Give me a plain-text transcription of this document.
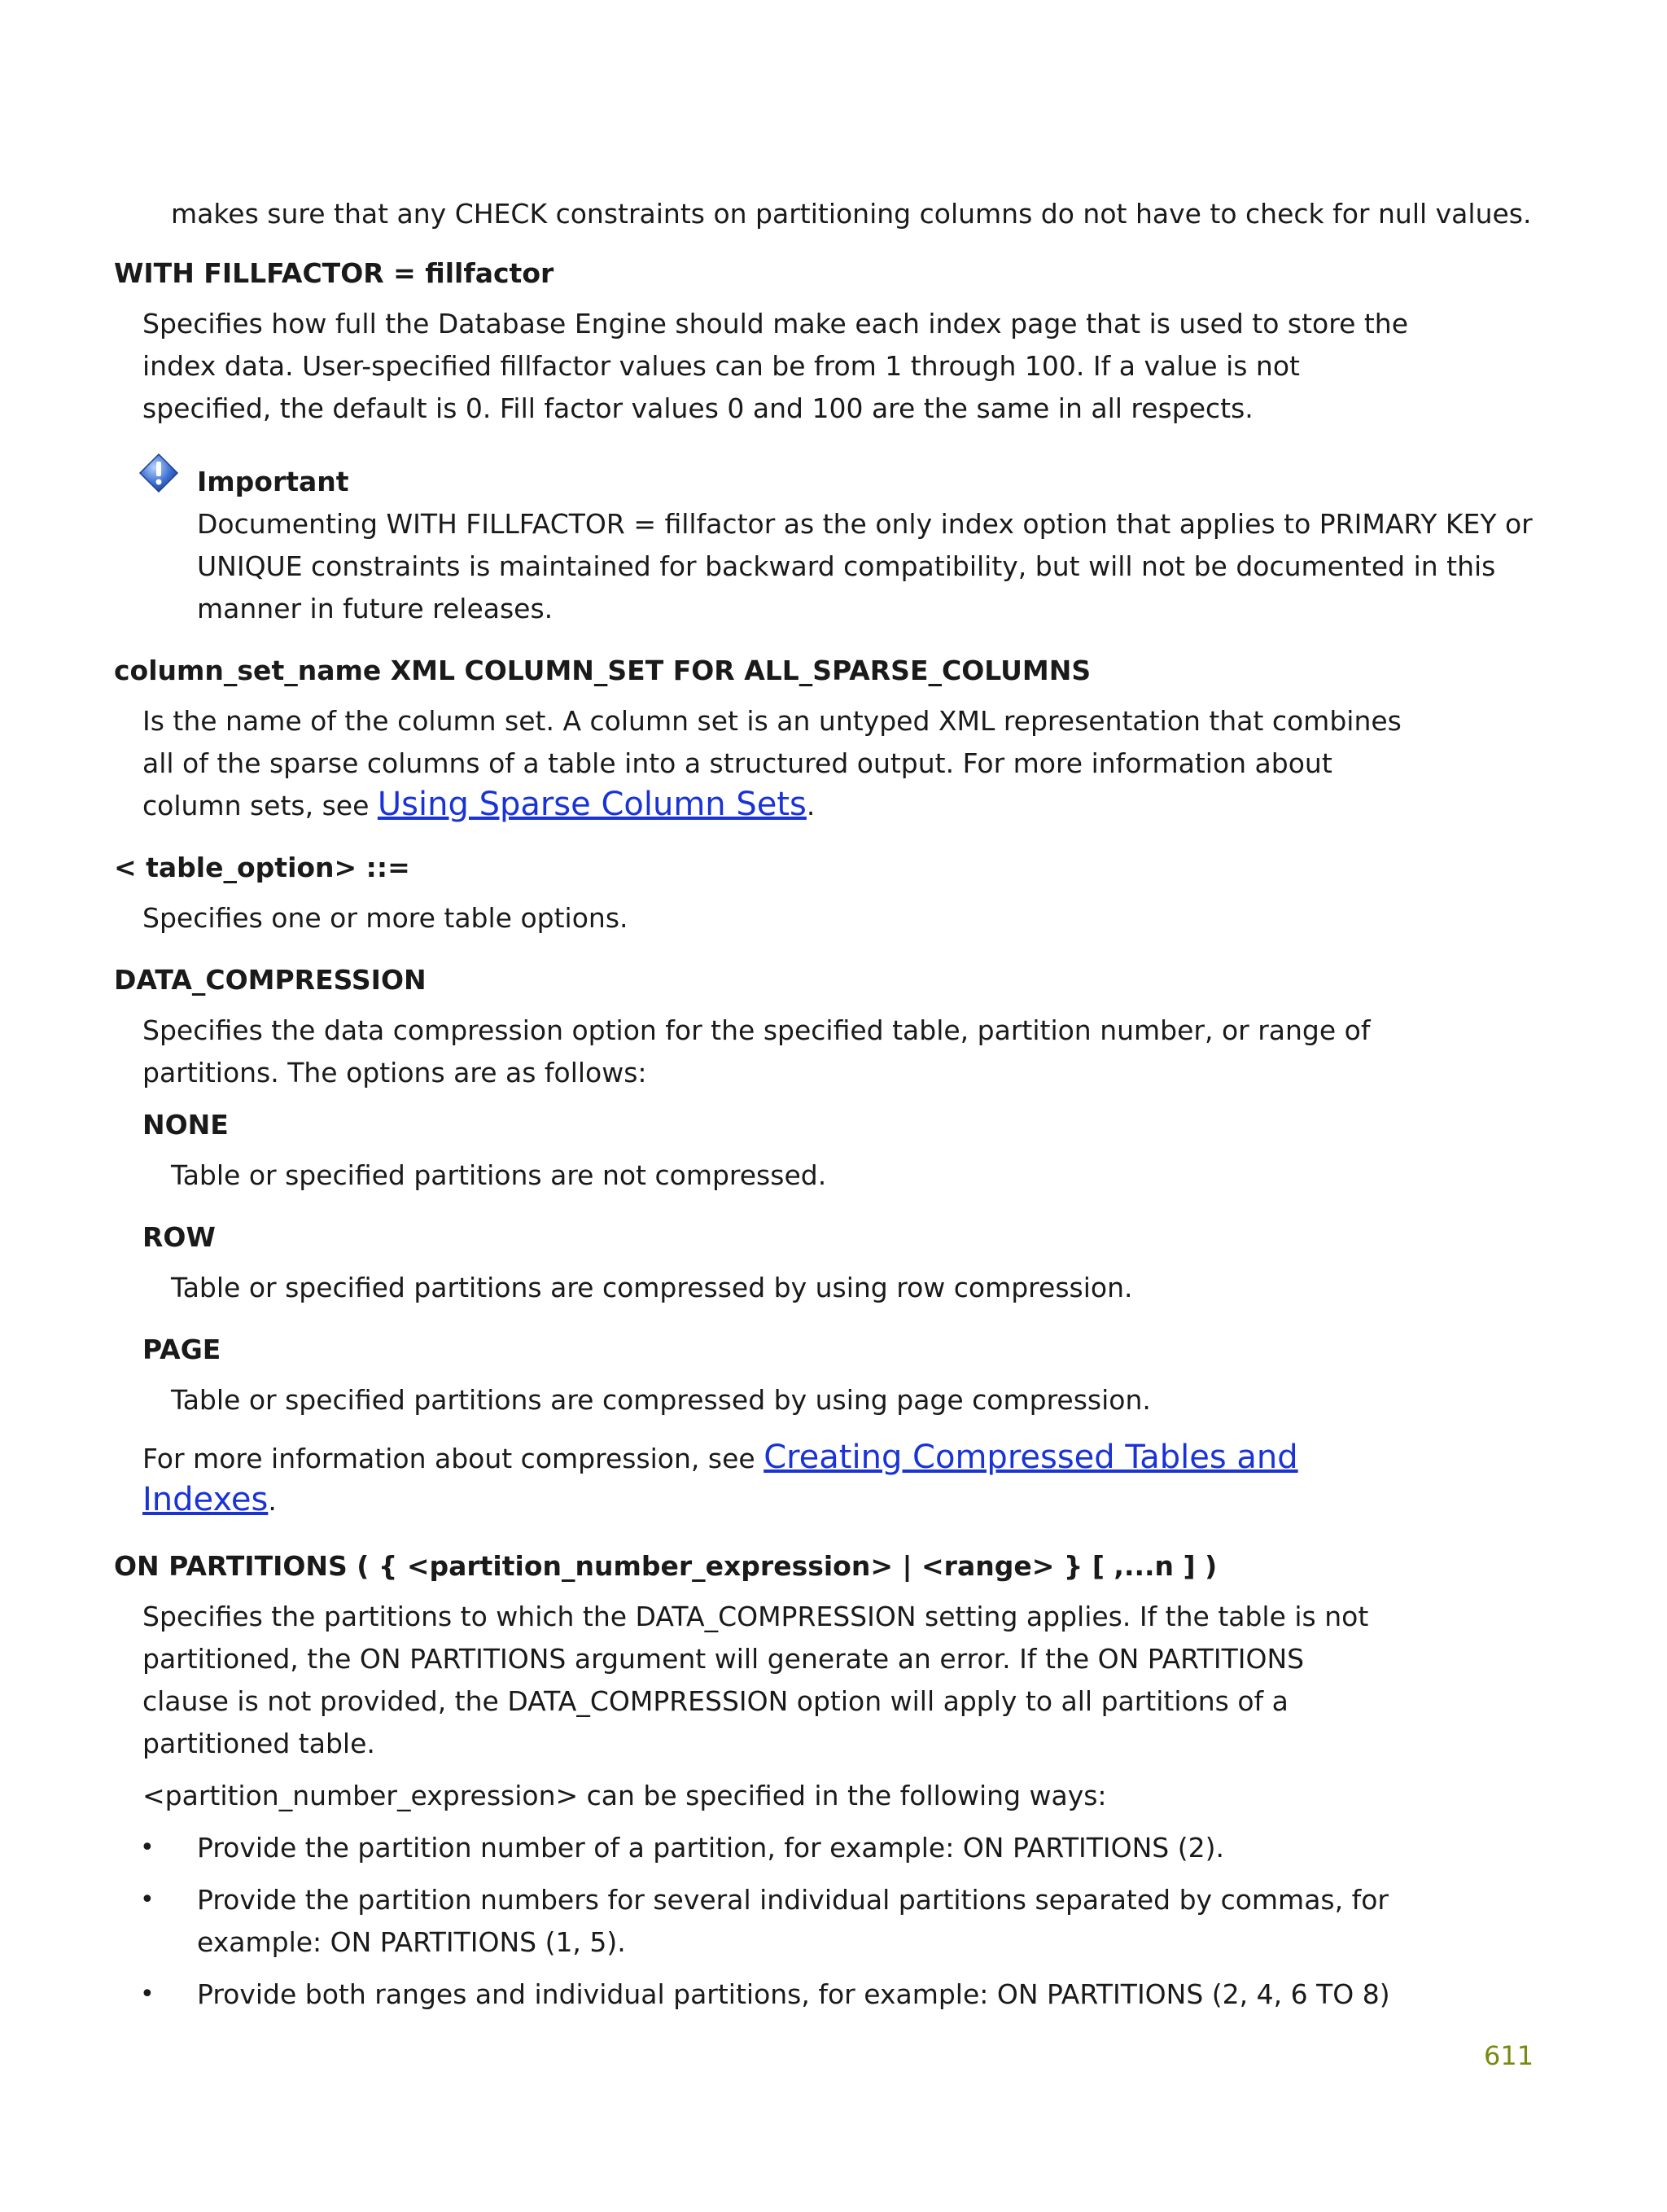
makes sure that any CHECK constraints on partitioning columns do not have to check for null values.
WITH FILLFACTOR = fillfactor
Specifies how full the Database Engine should make each index page that is used to store the
index data. User-specified fillfactor values can be from 1 through 100. If a value is not
specified, the default is 0. Fill factor values 0 and 100 are the same in all respects.
Important
Documenting WITH FILLFACTOR = fillfactor as the only index option that applies to PRIMARY KEY or
UNIQUE constraints is maintained for backward compatibility, but will not be documented in this
manner in future releases.
column_set_name XML COLUMN_SET FOR ALL_SPARSE_COLUMNS
Is the name of the column set. A column set is an untyped XML representation that combines
all of the sparse columns of a table into a structured output. For more information about
column sets, see Using Sparse Column Sets.
< table_option> ::=
Specifies one or more table options.
DATA_COMPRESSION
Specifies the data compression option for the specified table, partition number, or range of
partitions. The options are as follows:
NONE
Table or specified partitions are not compressed.
ROW
Table or specified partitions are compressed by using row compression.
PAGE
Table or specified partitions are compressed by using page compression.
For more information about compression, see Creating Compressed Tables and
Indexes.
ON PARTITIONS ( { <partition_number_expression> | <range> } [ ,...n ] )
Specifies the partitions to which the DATA_COMPRESSION setting applies. If the table is not
partitioned, the ON PARTITIONS argument will generate an error. If the ON PARTITIONS
clause is not provided, the DATA_COMPRESSION option will apply to all partitions of a
partitioned table.
<partition_number_expression> can be specified in the following ways:
• Provide the partition number of a partition, for example: ON PARTITIONS (2).
• Provide the partition numbers for several individual partitions separated by commas, for
example: ON PARTITIONS (1, 5).
• Provide both ranges and individual partitions, for example: ON PARTITIONS (2, 4, 6 TO 8)
611
